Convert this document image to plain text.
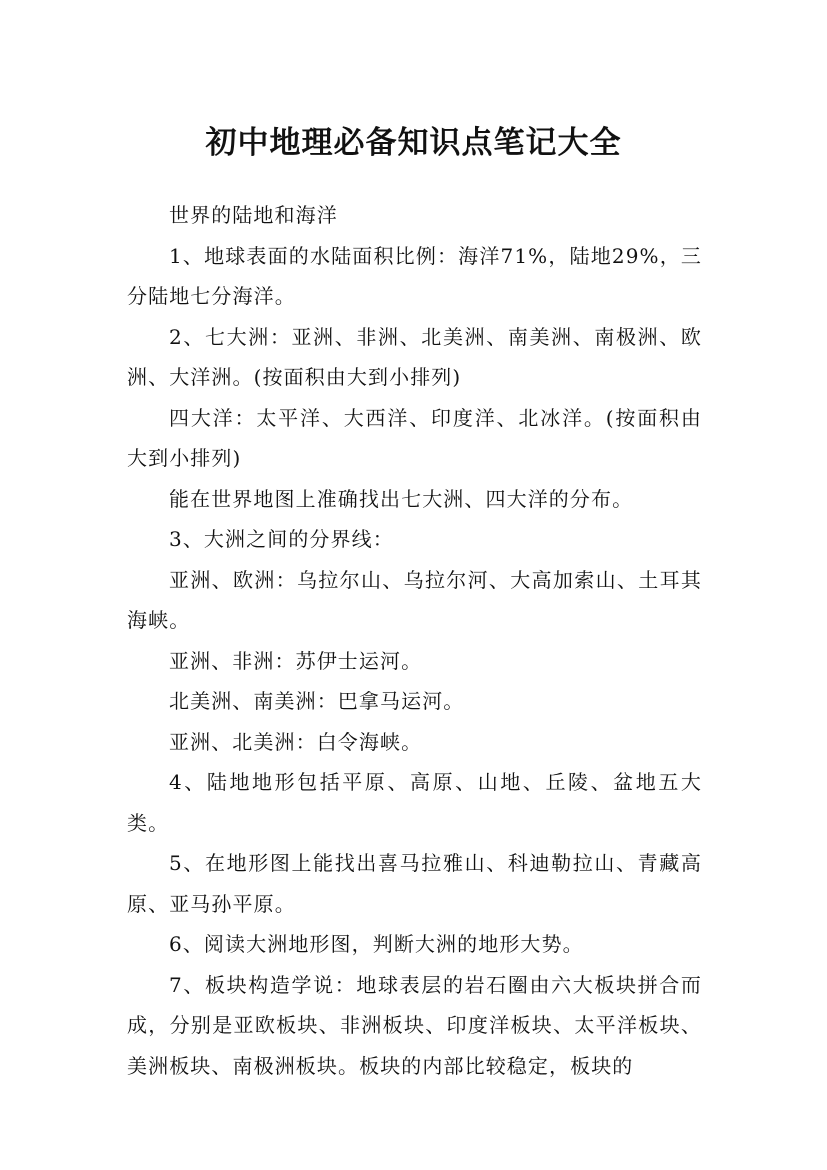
初中地理必备知识点笔记大全

世界的陆地和海洋

1、地球表面的水陆面积比例：海洋71%，陆地29%，三分陆地七分海洋。

2、七大洲：亚洲、非洲、北美洲、南美洲、南极洲、欧洲、大洋洲。(按面积由大到小排列)

四大洋：太平洋、大西洋、印度洋、北冰洋。(按面积由大到小排列)

能在世界地图上准确找出七大洲、四大洋的分布。

3、大洲之间的分界线：

亚洲、欧洲：乌拉尔山、乌拉尔河、大高加索山、土耳其海峡。

亚洲、非洲：苏伊士运河。

北美洲、南美洲：巴拿马运河。

亚洲、北美洲：白令海峡。

4、陆地地形包括平原、高原、山地、丘陵、盆地五大类。

5、在地形图上能找出喜马拉雅山、科迪勒拉山、青藏高原、亚马孙平原。

6、阅读大洲地形图，判断大洲的地形大势。

7、板块构造学说：地球表层的岩石圈由六大板块拼合而成，分别是亚欧板块、非洲板块、印度洋板块、太平洋板块、美洲板块、南极洲板块。板块的内部比较稳定，板块的
